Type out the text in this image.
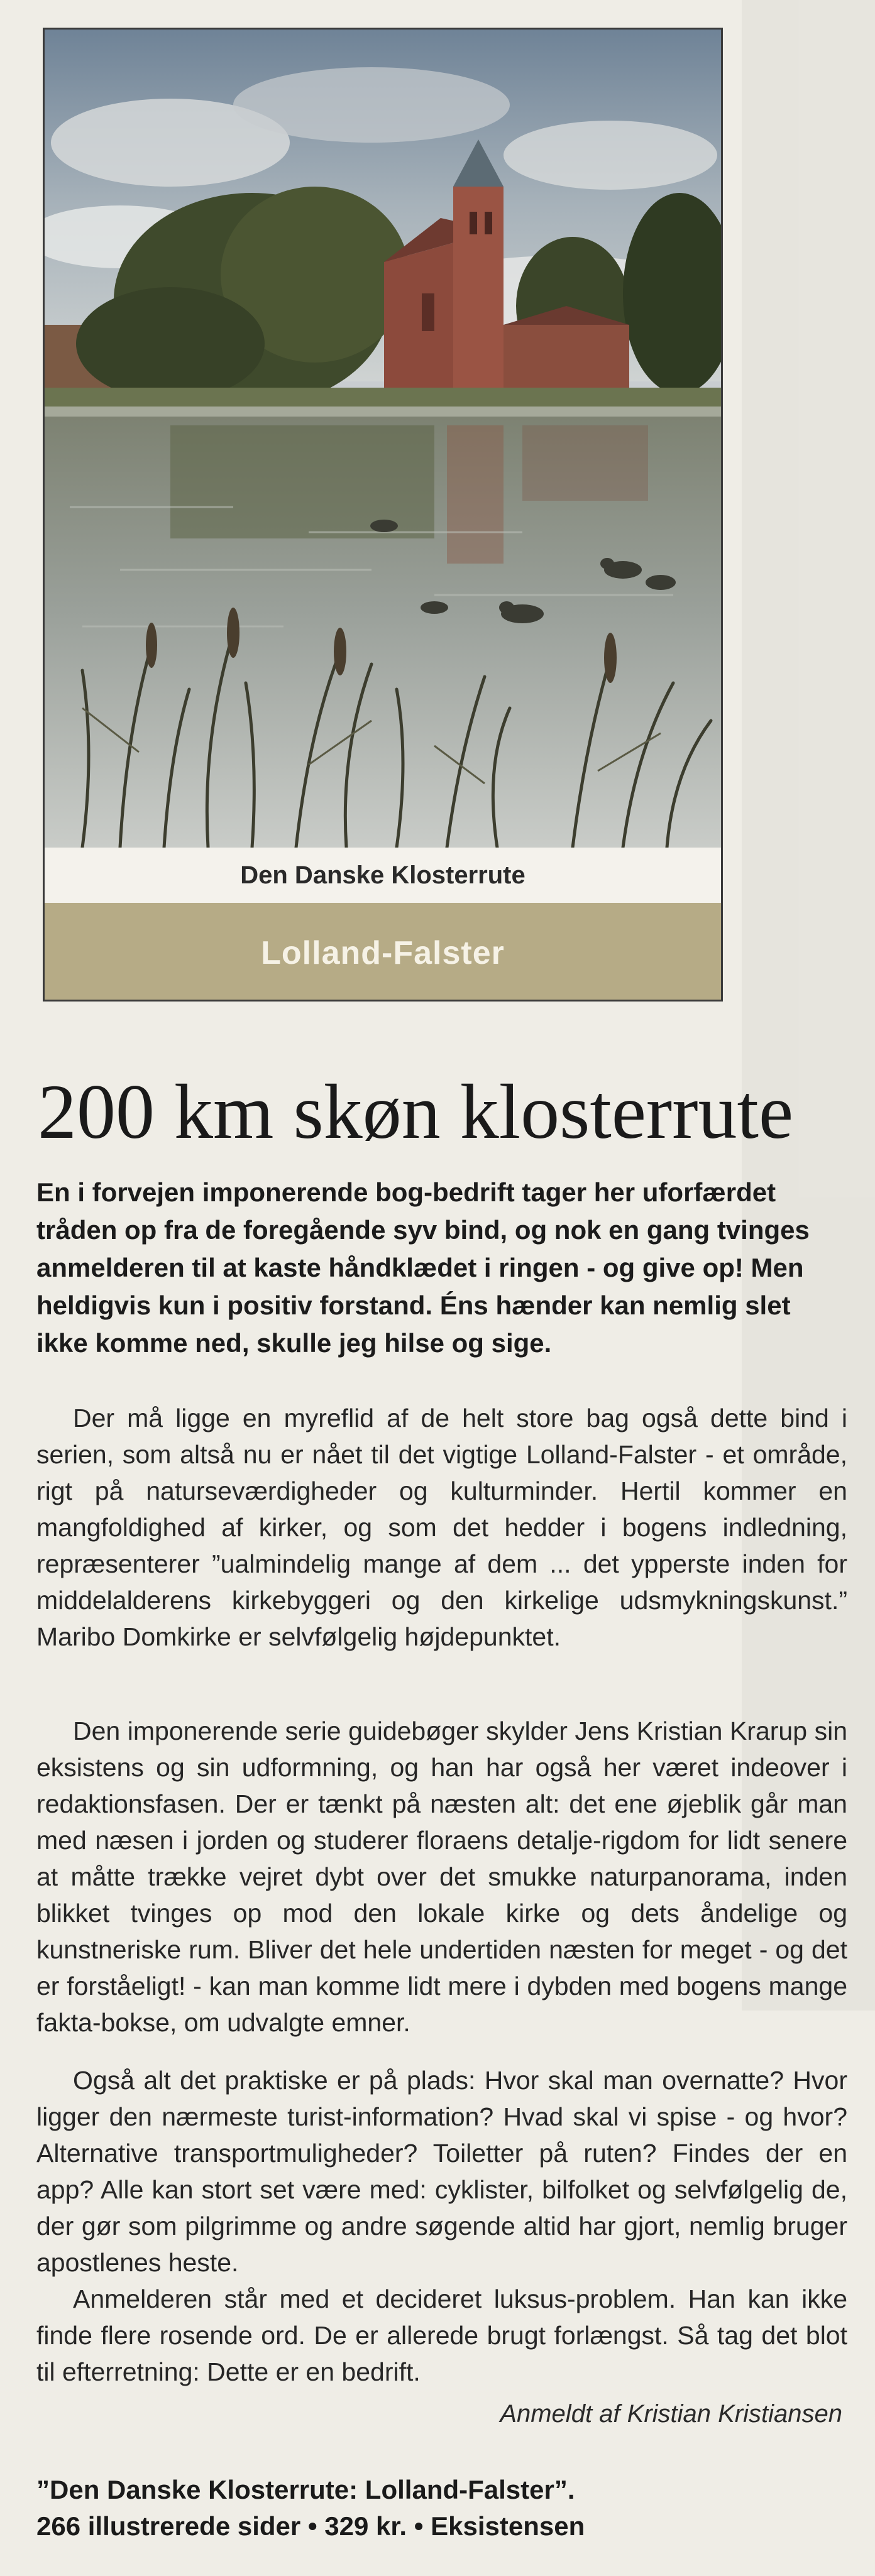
Den Danske Klosterrute
Lolland-Falster
200 km skøn klosterrute

En i forvejen imponerende bog-bedrift tager her uforfærdet tråden op fra de foregående syv bind, og nok en gang tvinges anmelderen til at kaste håndklædet i ringen - og give op! Men heldigvis kun i positiv forstand. Éns hænder kan nemlig slet ikke komme ned, skulle jeg hilse og sige.

Der må ligge en myreflid af de helt store bag også dette bind i serien, som altså nu er nået til det vigtige Lolland-Falster - et område, rigt på naturseværdigheder og kulturminder. Hertil kommer en mangfoldighed af kirker, og som det hedder i bogens indledning, repræsenterer ”ualmindelig mange af dem ... det ypperste inden for middelalderens kirkebyggeri og den kirkelige udsmykningskunst.” Maribo Domkirke er selvfølgelig højdepunktet.

Den imponerende serie guidebøger skylder Jens Kristian Krarup sin eksistens og sin udformning, og han har også her været indeover i redaktionsfasen. Der er tænkt på næsten alt: det ene øjeblik går man med næsen i jorden og studerer floraens detalje-rigdom for lidt senere at måtte trække vejret dybt over det smukke naturpanorama, inden blikket tvinges op mod den lokale kirke og dets åndelige og kunstneriske rum. Bliver det hele undertiden næsten for meget - og det er forståeligt! - kan man komme lidt mere i dybden med bogens mange fakta-bokse, om udvalgte emner.

Også alt det praktiske er på plads: Hvor skal man overnatte? Hvor ligger den nærmeste turist-information? Hvad skal vi spise - og hvor? Alternative transportmuligheder? Toiletter på ruten? Findes der en app? Alle kan stort set være med: cyklister, bilfolket og selvfølgelig de, der gør som pilgrimme og andre søgende altid har gjort, nemlig bruger apostlenes heste.

Anmelderen står med et decideret luksus-problem. Han kan ikke finde flere rosende ord. De er allerede brugt forlængst. Så tag det blot til efterretning: Dette er en bedrift.

Anmeldt af Kristian Kristiansen

”Den Danske Klosterrute: Lolland-Falster”.
266 illustrerede sider • 329 kr. • Eksistensen
